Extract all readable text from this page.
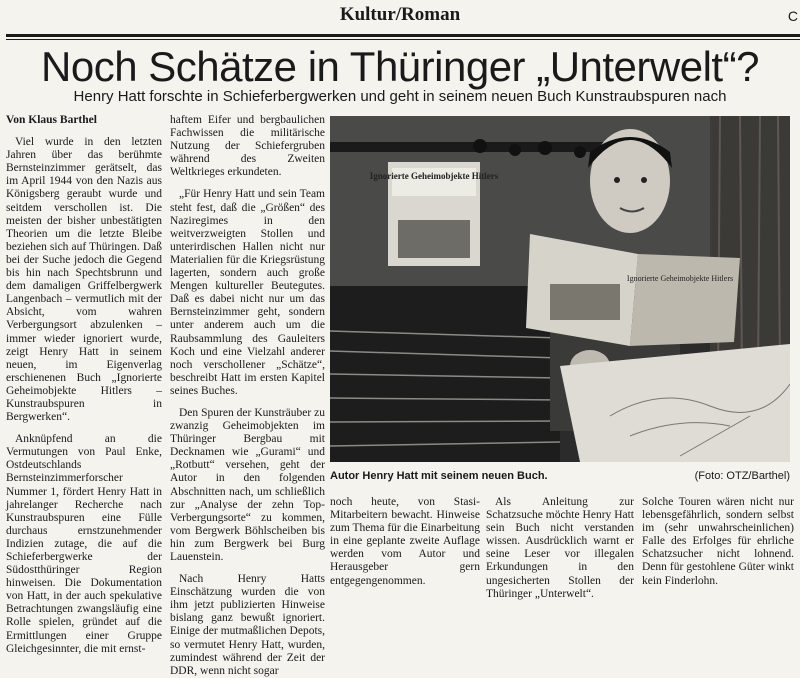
Kultur/Roman	C
Noch Schätze in Thüringer „Unterwelt“?
Henry Hatt forschte in Schieferbergwerken und geht in seinem neuen Buch Kunstraubspuren nach

Von Klaus Barthel

Viel wurde in den letzten Jahren über das berühmte Bernsteinzimmer gerätselt, das im April 1944 von den Nazis aus Königsberg geraubt wurde und seitdem verschollen ist. Die meisten der bisher unbestätigten Theorien um die letzte Bleibe beziehen sich auf Thüringen. Daß bei der Suche jedoch die Gegend bis hin nach Spechtsbrunn und dem damaligen Griffelbergwerk Langenbach – vermutlich mit der Absicht, vom wahren Verbergungsort abzulenken – immer wieder ignoriert wurde, zeigt Henry Hatt in seinem neuen, im Eigenverlag erschienenen Buch „Ignorierte Geheimobjekte Hitlers – Kunstraubspuren in Bergwerken“.

Anknüpfend an die Vermutungen von Paul Enke, Ostdeutschlands Bernsteinzimmerforscher Nummer 1, fördert Henry Hatt in jahrelanger Recherche nach Kunstraubspuren eine Fülle durchaus ernstzunehmender Indizien zutage, die auf die Schieferbergwerke der Südostthüringer Region hinweisen. Die Dokumentation von Hatt, in der auch spekulative Betrachtungen zwangsläufig eine Rolle spielen, gründet auf die Ermittlungen einer Gruppe Gleichgesinnter, die mit ernst-

haftem Eifer und bergbaulichen Fachwissen die militärische Nutzung der Schiefergruben während des Zweiten Weltkrieges erkundeten.

„Für Henry Hatt und sein Team steht fest, daß die „Größen“ des Naziregimes in den weitverzweigten Stollen und unterirdischen Hallen nicht nur Materialien für die Kriegsrüstung lagerten, sondern auch große Mengen kultureller Beutegutes. Daß es dabei nicht nur um das Bernsteinzimmer geht, sondern unter anderem auch um die Raubsammlung des Gauleiters Koch und eine Vielzahl anderer noch verschollener „Schätze“, beschreibt Hatt im ersten Kapitel seines Buches.

Den Spuren der Kunsträuber zu zwanzig Geheimobjekten im Thüringer Bergbau mit Decknamen wie „Gurami“ und „Rotbutt“ versehen, geht der Autor in den folgenden Abschnitten nach, um schließlich zur „Analyse der zehn Top-Verbergungsorte“ zu kommen, vom Bergwerk Böhlscheiben bis hin zum Bergwerk bei Burg Lauenstein.

Nach Henry Hatts Einschätzung wurden die von ihm jetzt publizierten Hinweise bislang ganz bewußt ignoriert. Einige der mutmaßlichen Depots, so vermutet Henry Hatt, wurden, zumindest während der Zeit der DDR, wenn nicht sogar

Ignorierte Geheimobjekte Hitlers
Ignorierte Geheimobjekte Hitlers
Autor Henry Hatt mit seinem neuen Buch.	(Foto: OTZ/Barthel)

noch heute, von Stasi-Mitarbeitern bewacht. Hinweise zum Thema für die Einarbeitung in eine geplante zweite Auflage werden vom Autor und Herausgeber gern entgegengenommen.

Als Anleitung zur Schatzsuche möchte Henry Hatt sein Buch nicht verstanden wissen. Ausdrücklich warnt er seine Leser vor illegalen Erkundungen in den ungesicherten Stollen der Thüringer „Unterwelt“.

Solche Touren wären nicht nur lebensgefährlich, sondern selbst im (sehr unwahrscheinlichen) Falle des Erfolges für ehrliche Schatzsucher nicht lohnend. Denn für gestohlene Güter winkt kein Finderlohn.
